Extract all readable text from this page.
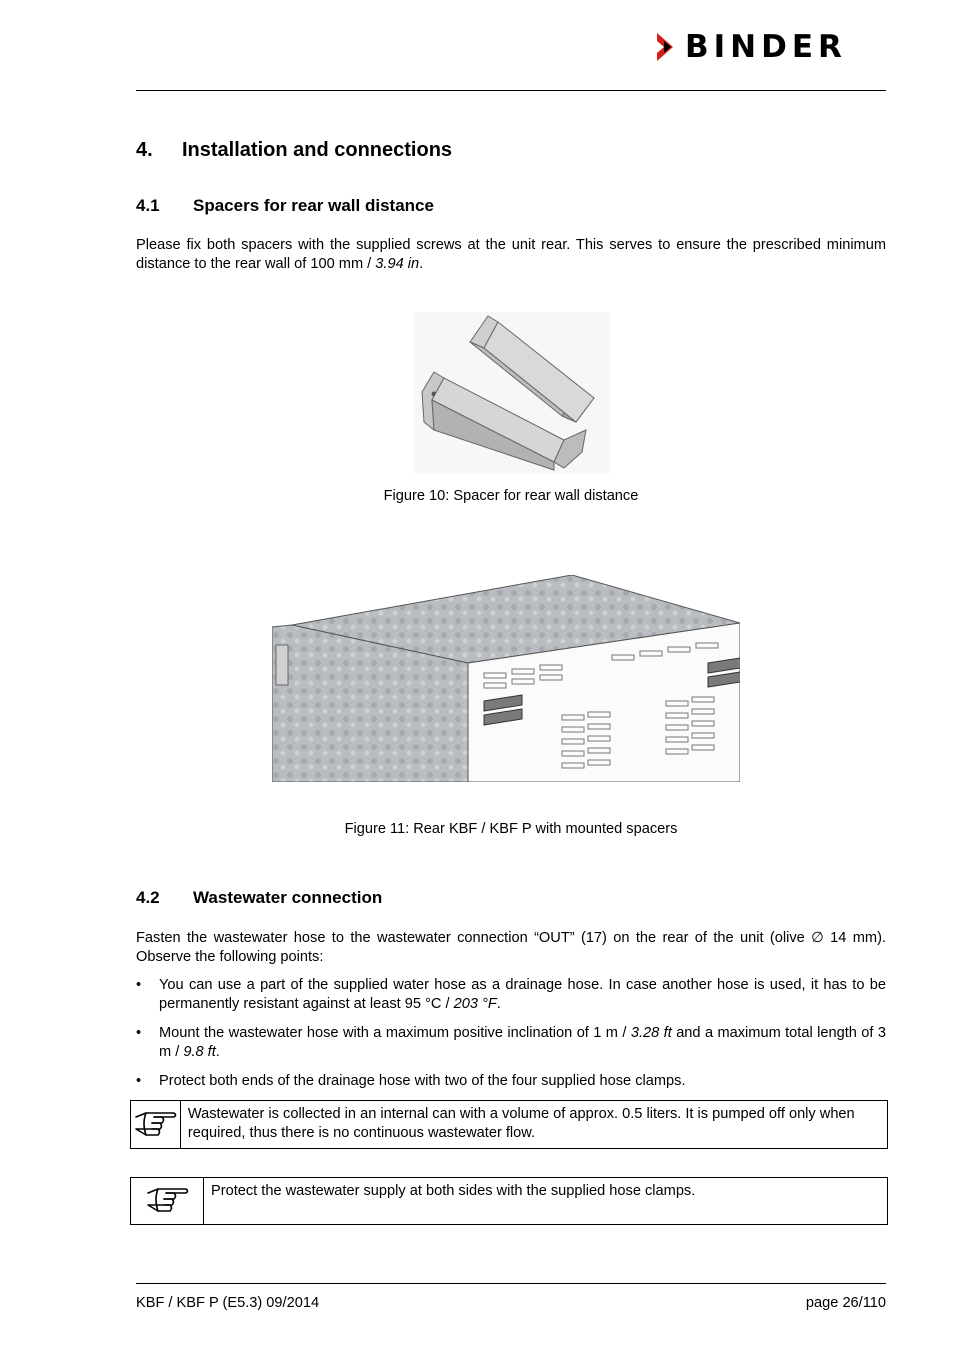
BINDER
4. Installation and connections
4.1 Spacers for rear wall distance
Please fix both spacers with the supplied screws at the unit rear. This serves to ensure the prescribed minimum distance to the rear wall of 100 mm / 3.94 in.
Figure 10: Spacer for rear wall distance
Figure 11: Rear KBF / KBF P with mounted spacers
4.2 Wastewater connection
Fasten the wastewater hose to the wastewater connection “OUT” (17) on the rear of the unit (olive ∅ 14 mm). Observe the following points:
•	You can use a part of the supplied water hose as a drainage hose. In case another hose is used, it has to be permanently resistant against at least 95 °C / 203 °F.
•	Mount the wastewater hose with a maximum positive inclination of 1 m / 3.28 ft and a maximum total length of 3 m / 9.8 ft.
•	Protect both ends of the drainage hose with two of the four supplied hose clamps.
Wastewater is collected in an internal can with a volume of approx. 0.5 liters. It is pumped off only when required, thus there is no continuous wastewater flow.
Protect the wastewater supply at both sides with the supplied hose clamps.
KBF / KBF P (E5.3) 09/2014	page 26/110
